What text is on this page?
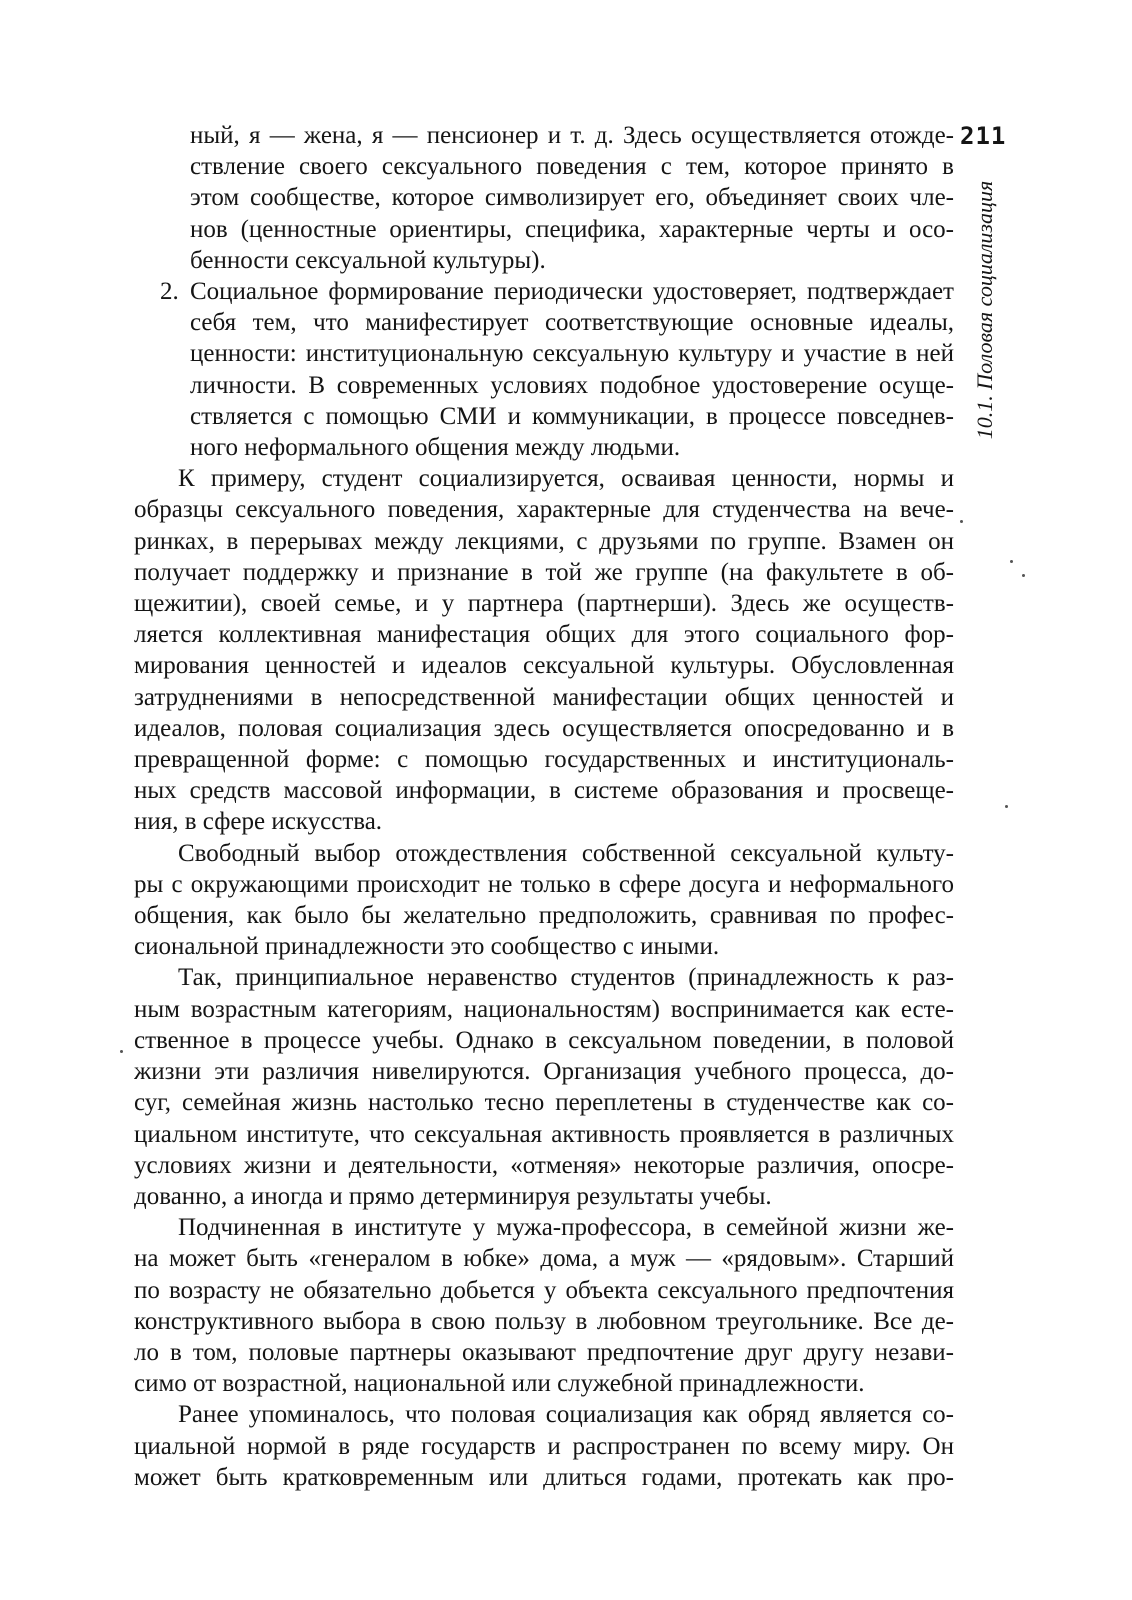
211
10.1. Половая социализация
ный, я — жена, я — пенсионер и т. д. Здесь осуществляется отожде-
ствление своего сексуального поведения с тем, которое принято в
этом сообществе, которое символизирует его, объединяет своих чле-
нов (ценностные ориентиры, специфика, характерные черты и осо-
бенности сексуальной культуры).
2. Социальное формирование периодически удостоверяет, подтверждает
себя тем, что манифестирует соответствующие основные идеалы,
ценности: институциональную сексуальную культуру и участие в ней
личности. В современных условиях подобное удостоверение осуще-
ствляется с помощью СМИ и коммуникации, в процессе повседнев-
ного неформального общения между людьми.
К примеру, студент социализируется, осваивая ценности, нормы и
образцы сексуального поведения, характерные для студенчества на вече-
ринках, в перерывах между лекциями, с друзьями по группе. Взамен он
получает поддержку и признание в той же группе (на факультете в об-
щежитии), своей семье, и у партнера (партнерши). Здесь же осуществ-
ляется коллективная манифестация общих для этого социального фор-
мирования ценностей и идеалов сексуальной культуры. Обусловленная
затруднениями в непосредственной манифестации общих ценностей и
идеалов, половая социализация здесь осуществляется опосредованно и в
превращенной форме: с помощью государственных и институциональ-
ных средств массовой информации, в системе образования и просвеще-
ния, в сфере искусства.
Свободный выбор отождествления собственной сексуальной культу-
ры с окружающими происходит не только в сфере досуга и неформального
общения, как было бы желательно предположить, сравнивая по профес-
сиональной принадлежности это сообщество с иными.
Так, принципиальное неравенство студентов (принадлежность к раз-
ным возрастным категориям, национальностям) воспринимается как есте-
ственное в процессе учебы. Однако в сексуальном поведении, в половой
жизни эти различия нивелируются. Организация учебного процесса, до-
суг, семейная жизнь настолько тесно переплетены в студенчестве как со-
циальном институте, что сексуальная активность проявляется в различных
условиях жизни и деятельности, «отменяя» некоторые различия, опосре-
дованно, а иногда и прямо детерминируя результаты учебы.
Подчиненная в институте у мужа-профессора, в семейной жизни же-
на может быть «генералом в юбке» дома, а муж — «рядовым». Старший
по возрасту не обязательно добьется у объекта сексуального предпочтения
конструктивного выбора в свою пользу в любовном треугольнике. Все де-
ло в том, половые партнеры оказывают предпочтение друг другу незави-
симо от возрастной, национальной или служебной принадлежности.
Ранее упоминалось, что половая социализация как обряд является со-
циальной нормой в ряде государств и распространен по всему миру. Он
может быть кратковременным или длиться годами, протекать как про-
